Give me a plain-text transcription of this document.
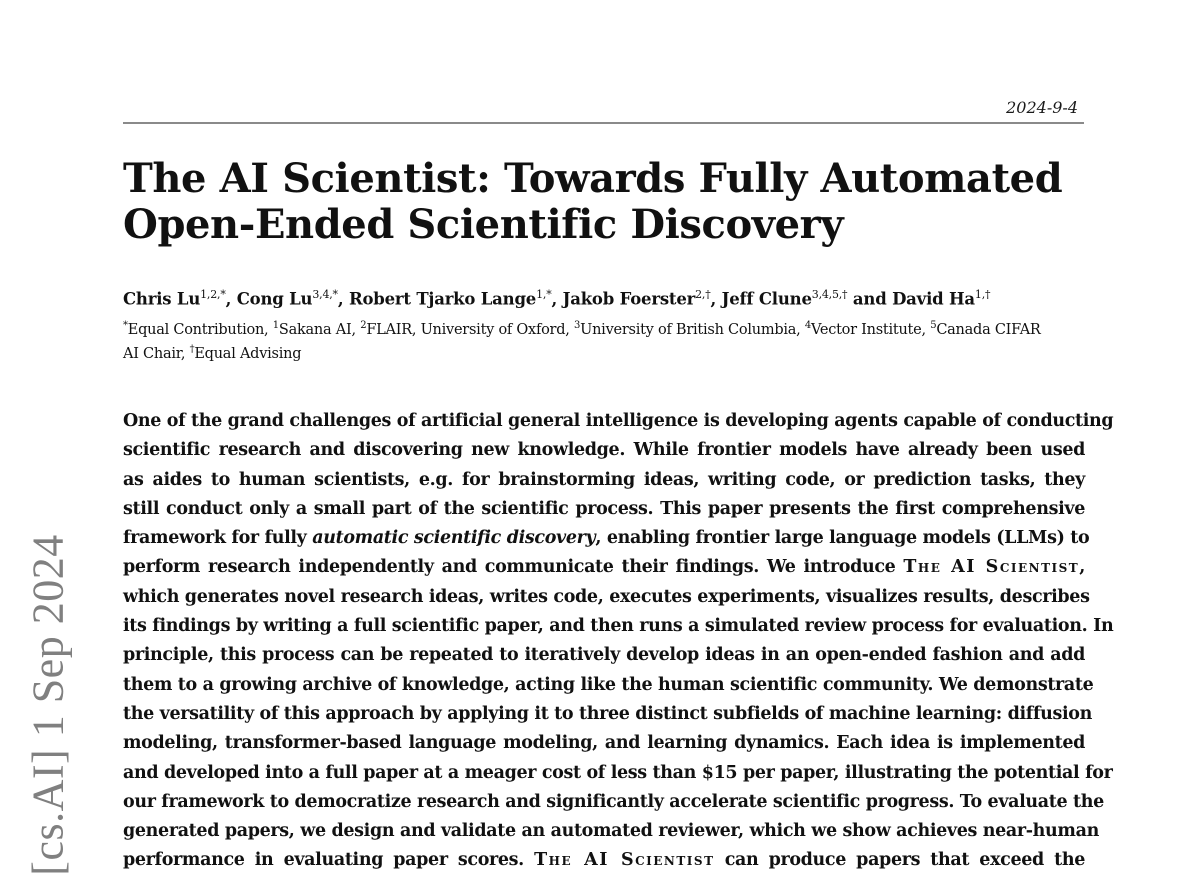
2024-9-4
The AI Scientist: Towards Fully Automated
Open-Ended Scientific Discovery
Chris $Lu^{1,2,*}$, Cong $Lu^{3,4,*}$, Robert Tjarko Lange$^{1,*}$, Jakob Foerster$^{2,\dagger}$, Jeff Clune$^{3,4,5,\dagger}$ and David $Ha^{1,\dagger}$
*Equal Contribution, $^1$Sakana AI, $^2$FLAIR, University of Oxford, $^3$University of British Columbia, $^4$Vector Institute, $^5$Canada CIFAR
AI Chair, †Equal Advising
One of the grand challenges of artificial general intelligence is developing agents capable of conducting
scientific research and discovering new knowledge. While frontier models have already been used
as aides to human scientists, e.g. for brainstorming ideas, writing code, or prediction tasks, they
still conduct only a small part of the scientific process. This paper presents the first comprehensive
framework for fully automatic scientific discovery, enabling frontier large language models (LLMs) to
perform research independently and communicate their findings. We introduce The AI Scientist,
which generates novel research ideas, writes code, executes experiments, visualizes results, describes
its findings by writing a full scientific paper, and then runs a simulated review process for evaluation. In
principle, this process can be repeated to iteratively develop ideas in an open-ended fashion and add
them to a growing archive of knowledge, acting like the human scientific community. We demonstrate
the versatility of this approach by applying it to three distinct subfields of machine learning: diffusion
modeling, transformer-based language modeling, and learning dynamics. Each idea is implemented
and developed into a full paper at a meager cost of less than $15 per paper, illustrating the potential for
our framework to democratize research and significantly accelerate scientific progress. To evaluate the
generated papers, we design and validate an automated reviewer, which we show achieves near-human
performance in evaluating paper scores. The AI Scientist can produce papers that exceed the
[cs.AI] 1 Sep 2024
